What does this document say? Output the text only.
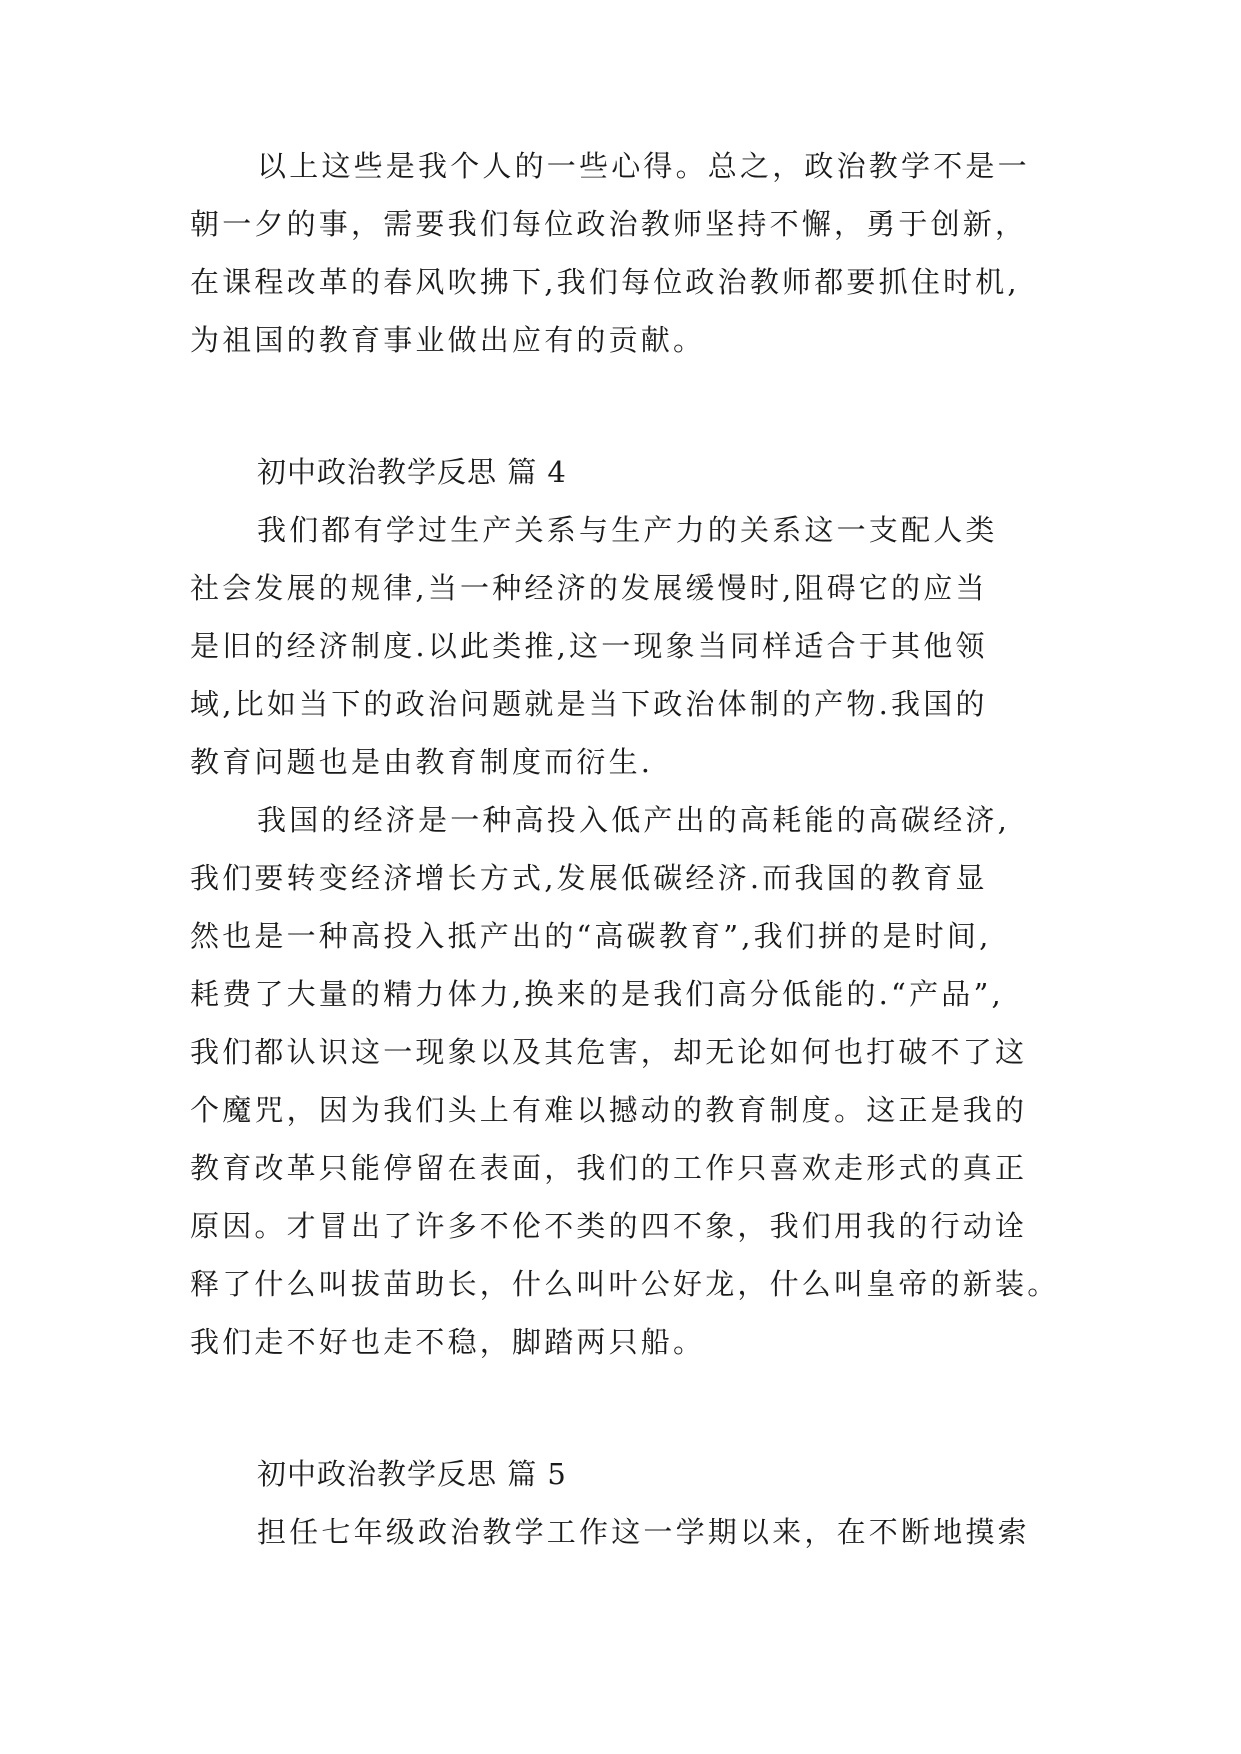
以上这些是我个人的一些心得。总之，政治教学不是一
朝一夕的事，需要我们每位政治教师坚持不懈，勇于创新，
在课程改革的春风吹拂下,我们每位政治教师都要抓住时机,
为祖国的教育事业做出应有的贡献。
初中政治教学反思 篇 4
我们都有学过生产关系与生产力的关系这一支配人类
社会发展的规律,当一种经济的发展缓慢时,阻碍它的应当
是旧的经济制度.以此类推,这一现象当同样适合于其他领
域,比如当下的政治问题就是当下政治体制的产物.我国的
教育问题也是由教育制度而衍生.
我国的经济是一种高投入低产出的高耗能的高碳经济,
我们要转变经济增长方式,发展低碳经济.而我国的教育显
然也是一种高投入抵产出的“高碳教育”,我们拼的是时间,
耗费了大量的精力体力,换来的是我们高分低能的.“产品”,
我们都认识这一现象以及其危害，却无论如何也打破不了这
个魔咒，因为我们头上有难以撼动的教育制度。这正是我的
教育改革只能停留在表面，我们的工作只喜欢走形式的真正
原因。才冒出了许多不伦不类的四不象，我们用我的行动诠
释了什么叫拔苗助长，什么叫叶公好龙，什么叫皇帝的新装。
我们走不好也走不稳，脚踏两只船。
初中政治教学反思 篇 5
担任七年级政治教学工作这一学期以来，在不断地摸索
